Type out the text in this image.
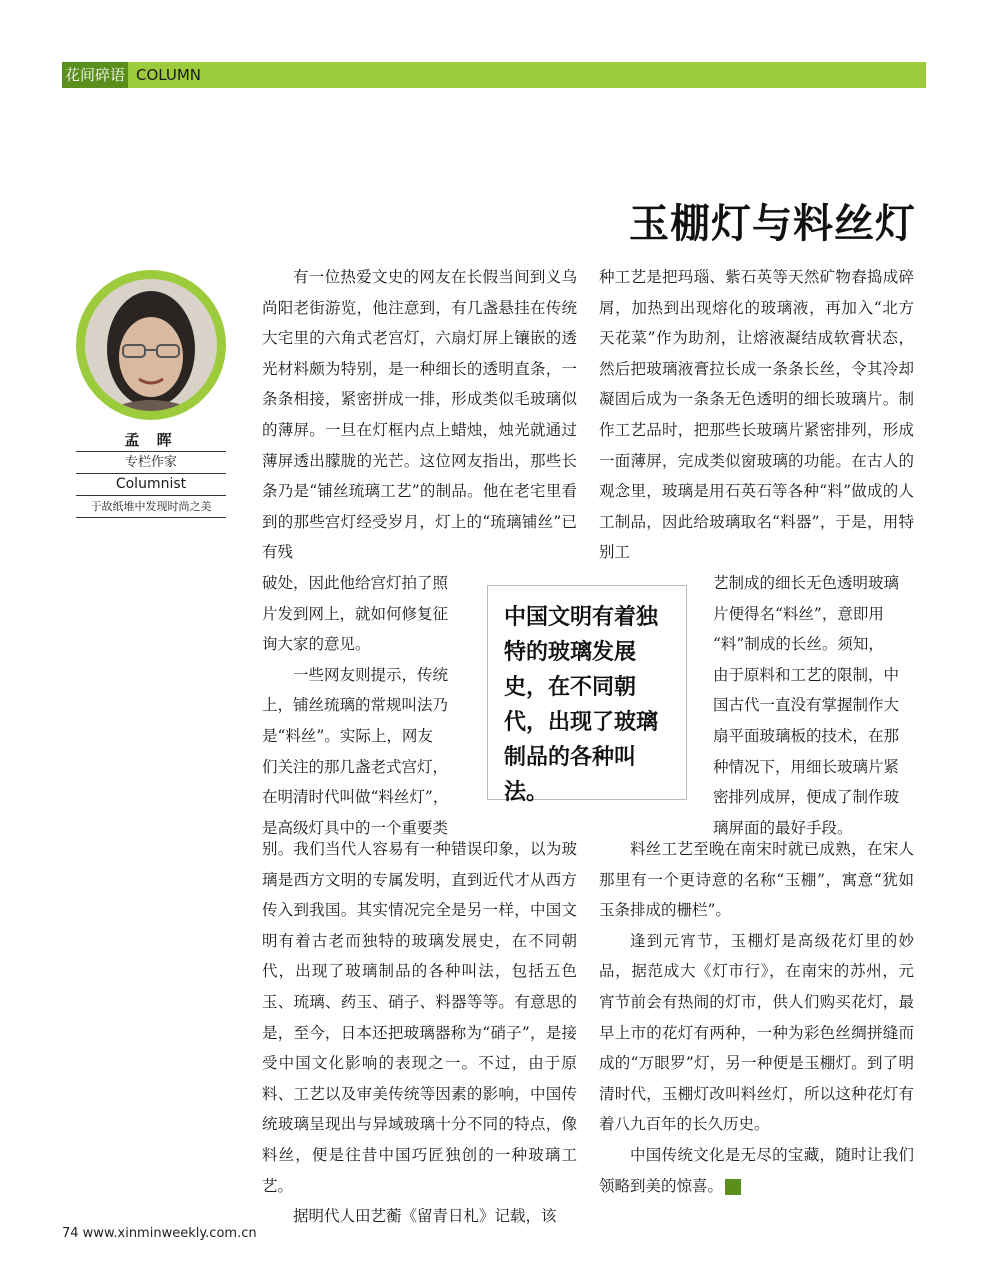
花间碎语 COLUMN
玉棚灯与料丝灯
孟 晖
专栏作家
Columnist
于故纸堆中发现时尚之美

有一位热爱文史的网友在长假当间到义乌尚阳老街游览，他注意到，有几盏悬挂在传统大宅里的六角式老宫灯，六扇灯屏上镶嵌的透光材料颇为特别，是一种细长的透明直条，一条条相接，紧密拼成一排，形成类似毛玻璃似的薄屏。一旦在灯框内点上蜡烛，烛光就通过薄屏透出朦胧的光芒。这位网友指出，那些长条乃是“铺丝琉璃工艺”的制品。他在老宅里看到的那些宫灯经受岁月，灯上的“琉璃铺丝”已有残

破处，因此他给宫灯拍了照
片发到网上，就如何修复征
询大家的意见。
一些网友则提示，传统
上，铺丝琉璃的常规叫法乃
是“料丝”。实际上，网友
们关注的那几盏老式宫灯，
在明清时代叫做“料丝灯”，
是高级灯具中的一个重要类

别。我们当代人容易有一种错误印象，以为玻璃是西方文明的专属发明，直到近代才从西方传入到我国。其实情况完全是另一样，中国文明有着古老而独特的玻璃发展史，在不同朝代，出现了玻璃制品的各种叫法，包括五色玉、琉璃、药玉、硝子、料器等等。有意思的是，至今，日本还把玻璃器称为“硝子”，是接受中国文化影响的表现之一。不过，由于原料、工艺以及审美传统等因素的影响，中国传统玻璃呈现出与异域玻璃十分不同的特点，像料丝，便是往昔中国巧匠独创的一种玻璃工艺。

据明代人田艺蘅《留青日札》记载，该

种工艺是把玛瑙、紫石英等天然矿物舂捣成碎屑，加热到出现熔化的玻璃液，再加入“北方天花菜”作为助剂，让熔液凝结成软膏状态，然后把玻璃液膏拉长成一条条长丝，令其冷却凝固后成为一条条无色透明的细长玻璃片。制作工艺品时，把那些长玻璃片紧密排列，形成一面薄屏，完成类似窗玻璃的功能。在古人的观念里，玻璃是用石英石等各种“料”做成的人工制品，因此给玻璃取名“料器”，于是，用特别工

艺制成的细长无色透明玻璃
片便得名“料丝”，意即用
“料”制成的长丝。须知，
由于原料和工艺的限制，中
国古代一直没有掌握制作大
扇平面玻璃板的技术，在那
种情况下，用细长玻璃片紧
密排列成屏，便成了制作玻
璃屏面的最好手段。

料丝工艺至晚在南宋时就已成熟，在宋人那里有一个更诗意的名称“玉棚”，寓意“犹如玉条排成的栅栏”。

逢到元宵节，玉棚灯是高级花灯里的妙品，据范成大《灯市行》，在南宋的苏州，元宵节前会有热闹的灯市，供人们购买花灯，最早上市的花灯有两种，一种为彩色丝绸拼缝而成的“万眼罗”灯，另一种便是玉棚灯。到了明清时代，玉棚灯改叫料丝灯，所以这种花灯有着八九百年的长久历史。

中国传统文化是无尽的宝藏，随时让我们领略到美的惊喜。	民

中国文明有着独特的玻璃发展史，在不同朝代，出现了玻璃制品的各种叫法。
74 www.xinminweekly.com.cn
